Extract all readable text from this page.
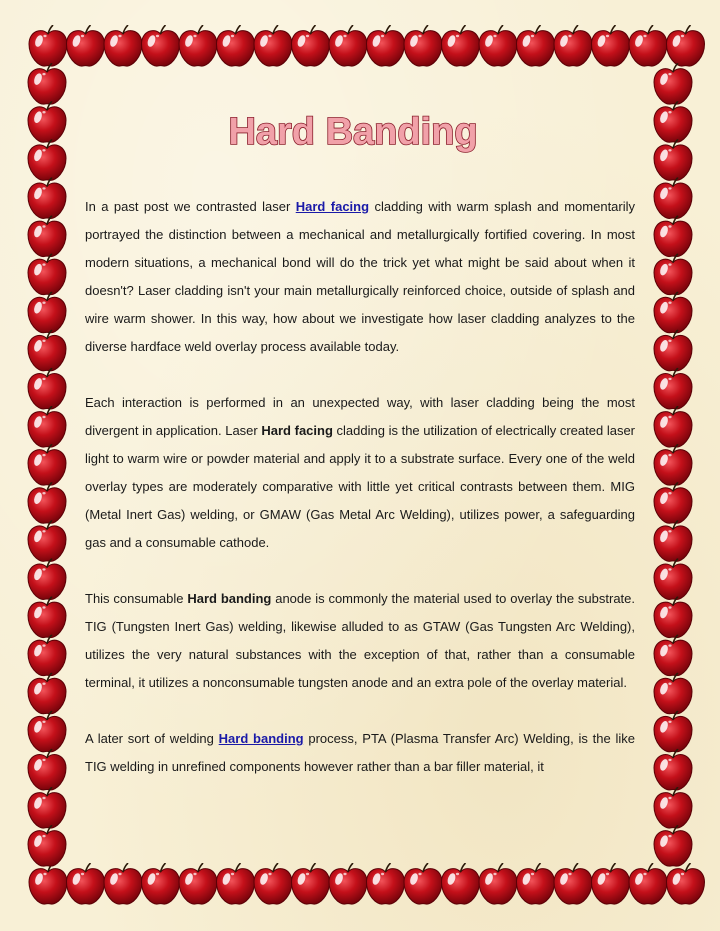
Hard Banding

In a past post we contrasted laser Hard facing cladding with warm splash and momentarily portrayed the distinction between a mechanical and metallurgically fortified covering. In most modern situations, a mechanical bond will do the trick yet what might be said about when it doesn't? Laser cladding isn't your main metallurgically reinforced choice, outside of splash and wire warm shower. In this way, how about we investigate how laser cladding analyzes to the diverse hardface weld overlay process available today.

Each interaction is performed in an unexpected way, with laser cladding being the most divergent in application. Laser Hard facing cladding is the utilization of electrically created laser light to warm wire or powder material and apply it to a substrate surface. Every one of the weld overlay types are moderately comparative with little yet critical contrasts between them. MIG (Metal Inert Gas) welding, or GMAW (Gas Metal Arc Welding), utilizes power, a safeguarding gas and a consumable cathode.

This consumable Hard banding anode is commonly the material used to overlay the substrate. TIG (Tungsten Inert Gas) welding, likewise alluded to as GTAW (Gas Tungsten Arc Welding), utilizes the very natural substances with the exception of that, rather than a consumable terminal, it utilizes a nonconsumable tungsten anode and an extra pole of the overlay material.

A later sort of welding Hard banding process, PTA (Plasma Transfer Arc) Welding, is the like TIG welding in unrefined components however rather than a bar filler material, it
